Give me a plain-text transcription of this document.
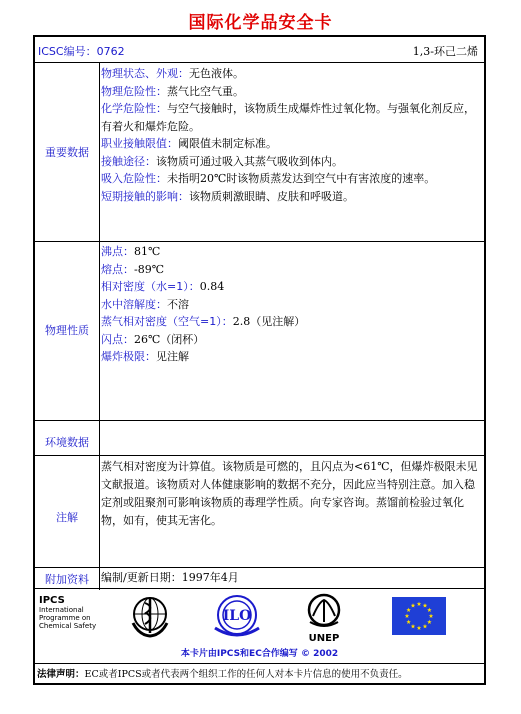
国际化学品安全卡
ICSC编号：0762	1,3-环己二烯
重要数据

物理状态、外观：无色液体。

物理危险性：蒸气比空气重。

化学危险性：与空气接触时，该物质生成爆炸性过氧化物。与强氧化剂反应，有着火和爆炸危险。

职业接触限值：阈限值未制定标准。

接触途径：该物质可通过吸入其蒸气吸收到体内。

吸入危险性：未指明20℃时该物质蒸发达到空气中有害浓度的速率。

短期接触的影响：该物质刺激眼睛、皮肤和呼吸道。

物理性质

沸点：81℃

熔点：-89℃

相对密度（水=1）：0.84

水中溶解度：不溶

蒸气相对密度（空气=1）：2.8（见注解）

闪点：26℃（闭杯）

爆炸极限：见注解

环境数据
注解
蒸气相对密度为计算值。该物质是可燃的，且闪点为<61℃，但爆炸极限未见文献报道。该物质对人体健康影响的数据不充分，因此应当特别注意。加入稳定剂或阻聚剂可影响该物质的毒理学性质。向专家咨询。蒸馏前检验过氧化物，如有，使其无害化。
附加资料	编制/更新日期：1997年4月
IPCS
International
Programme on
Chemical Safety
ILO
UNEP
本卡片由IPCS和EC合作编写 © 2002
法律声明：EC或者IPCS或者代表两个组织工作的任何人对本卡片信息的使用不负责任。
